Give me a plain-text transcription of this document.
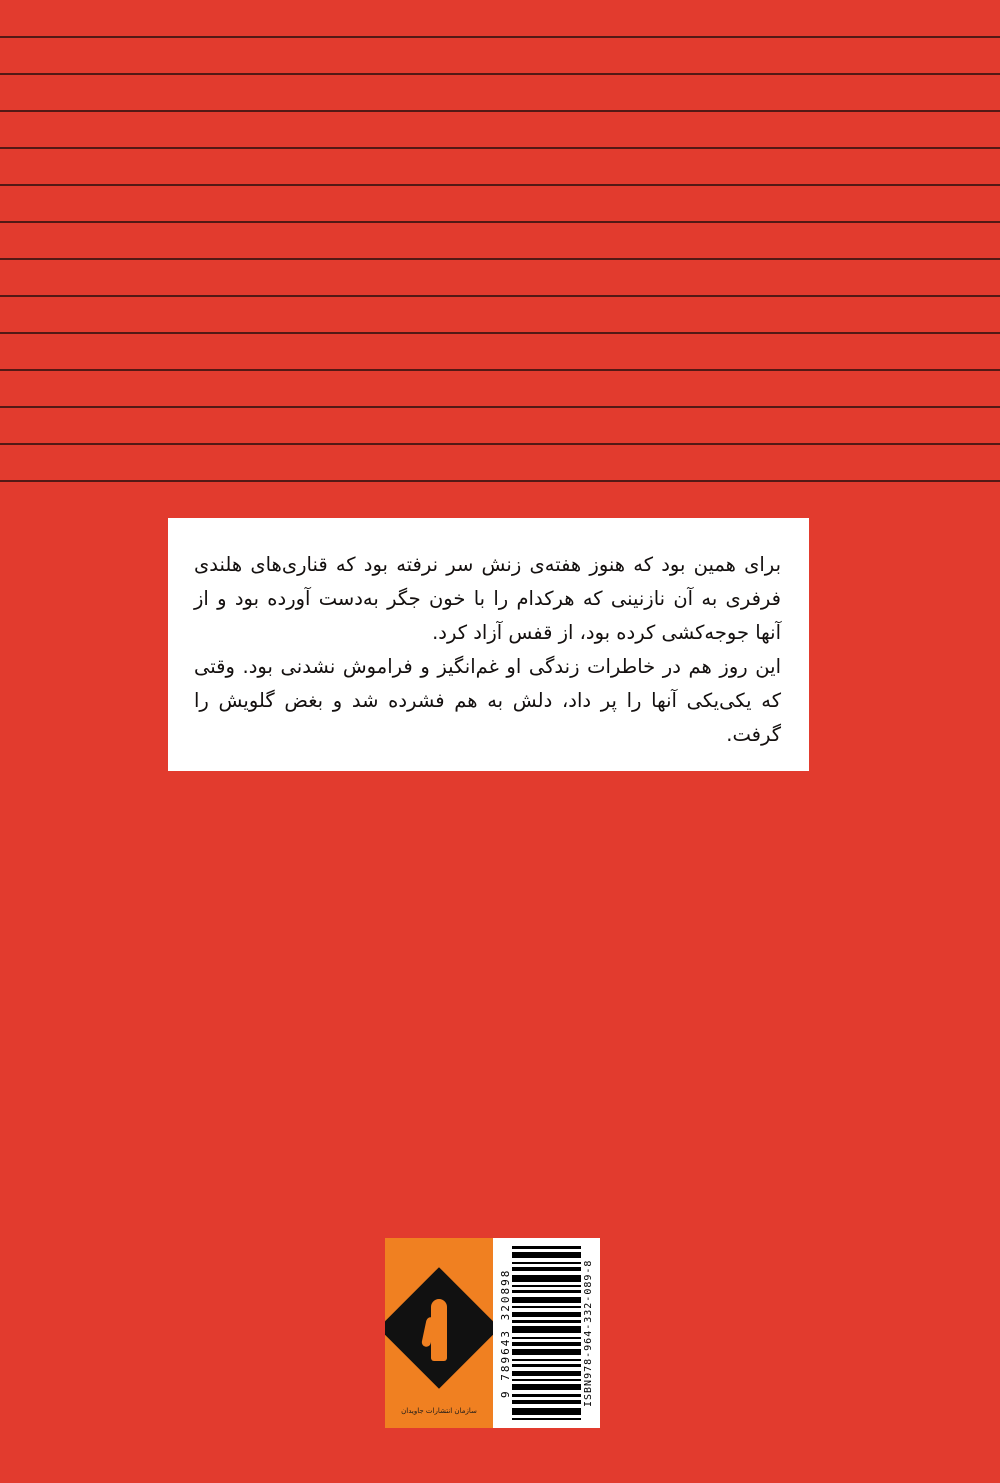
برای همین بود که هنوز هفته‌ی زنش سر نرفته بود که قناری‌های هلندی فرفری به آن نازنینی که هرکدام را با خون جگر به‌دست آورده بود و از آنها جوجه‌کشی کرده بود، از قفس آزاد کرد.

این روز هم در خاطرات زندگی او غم‌انگیز و فراموش نشدنی بود. وقتی که یکی‌یکی آنها را پر داد، دلش به هم فشرده شد و بغض گلویش را گرفت.

سازمان انتشارات جاویدان
ISBN978-964-332-089-8
9 789643 320898
